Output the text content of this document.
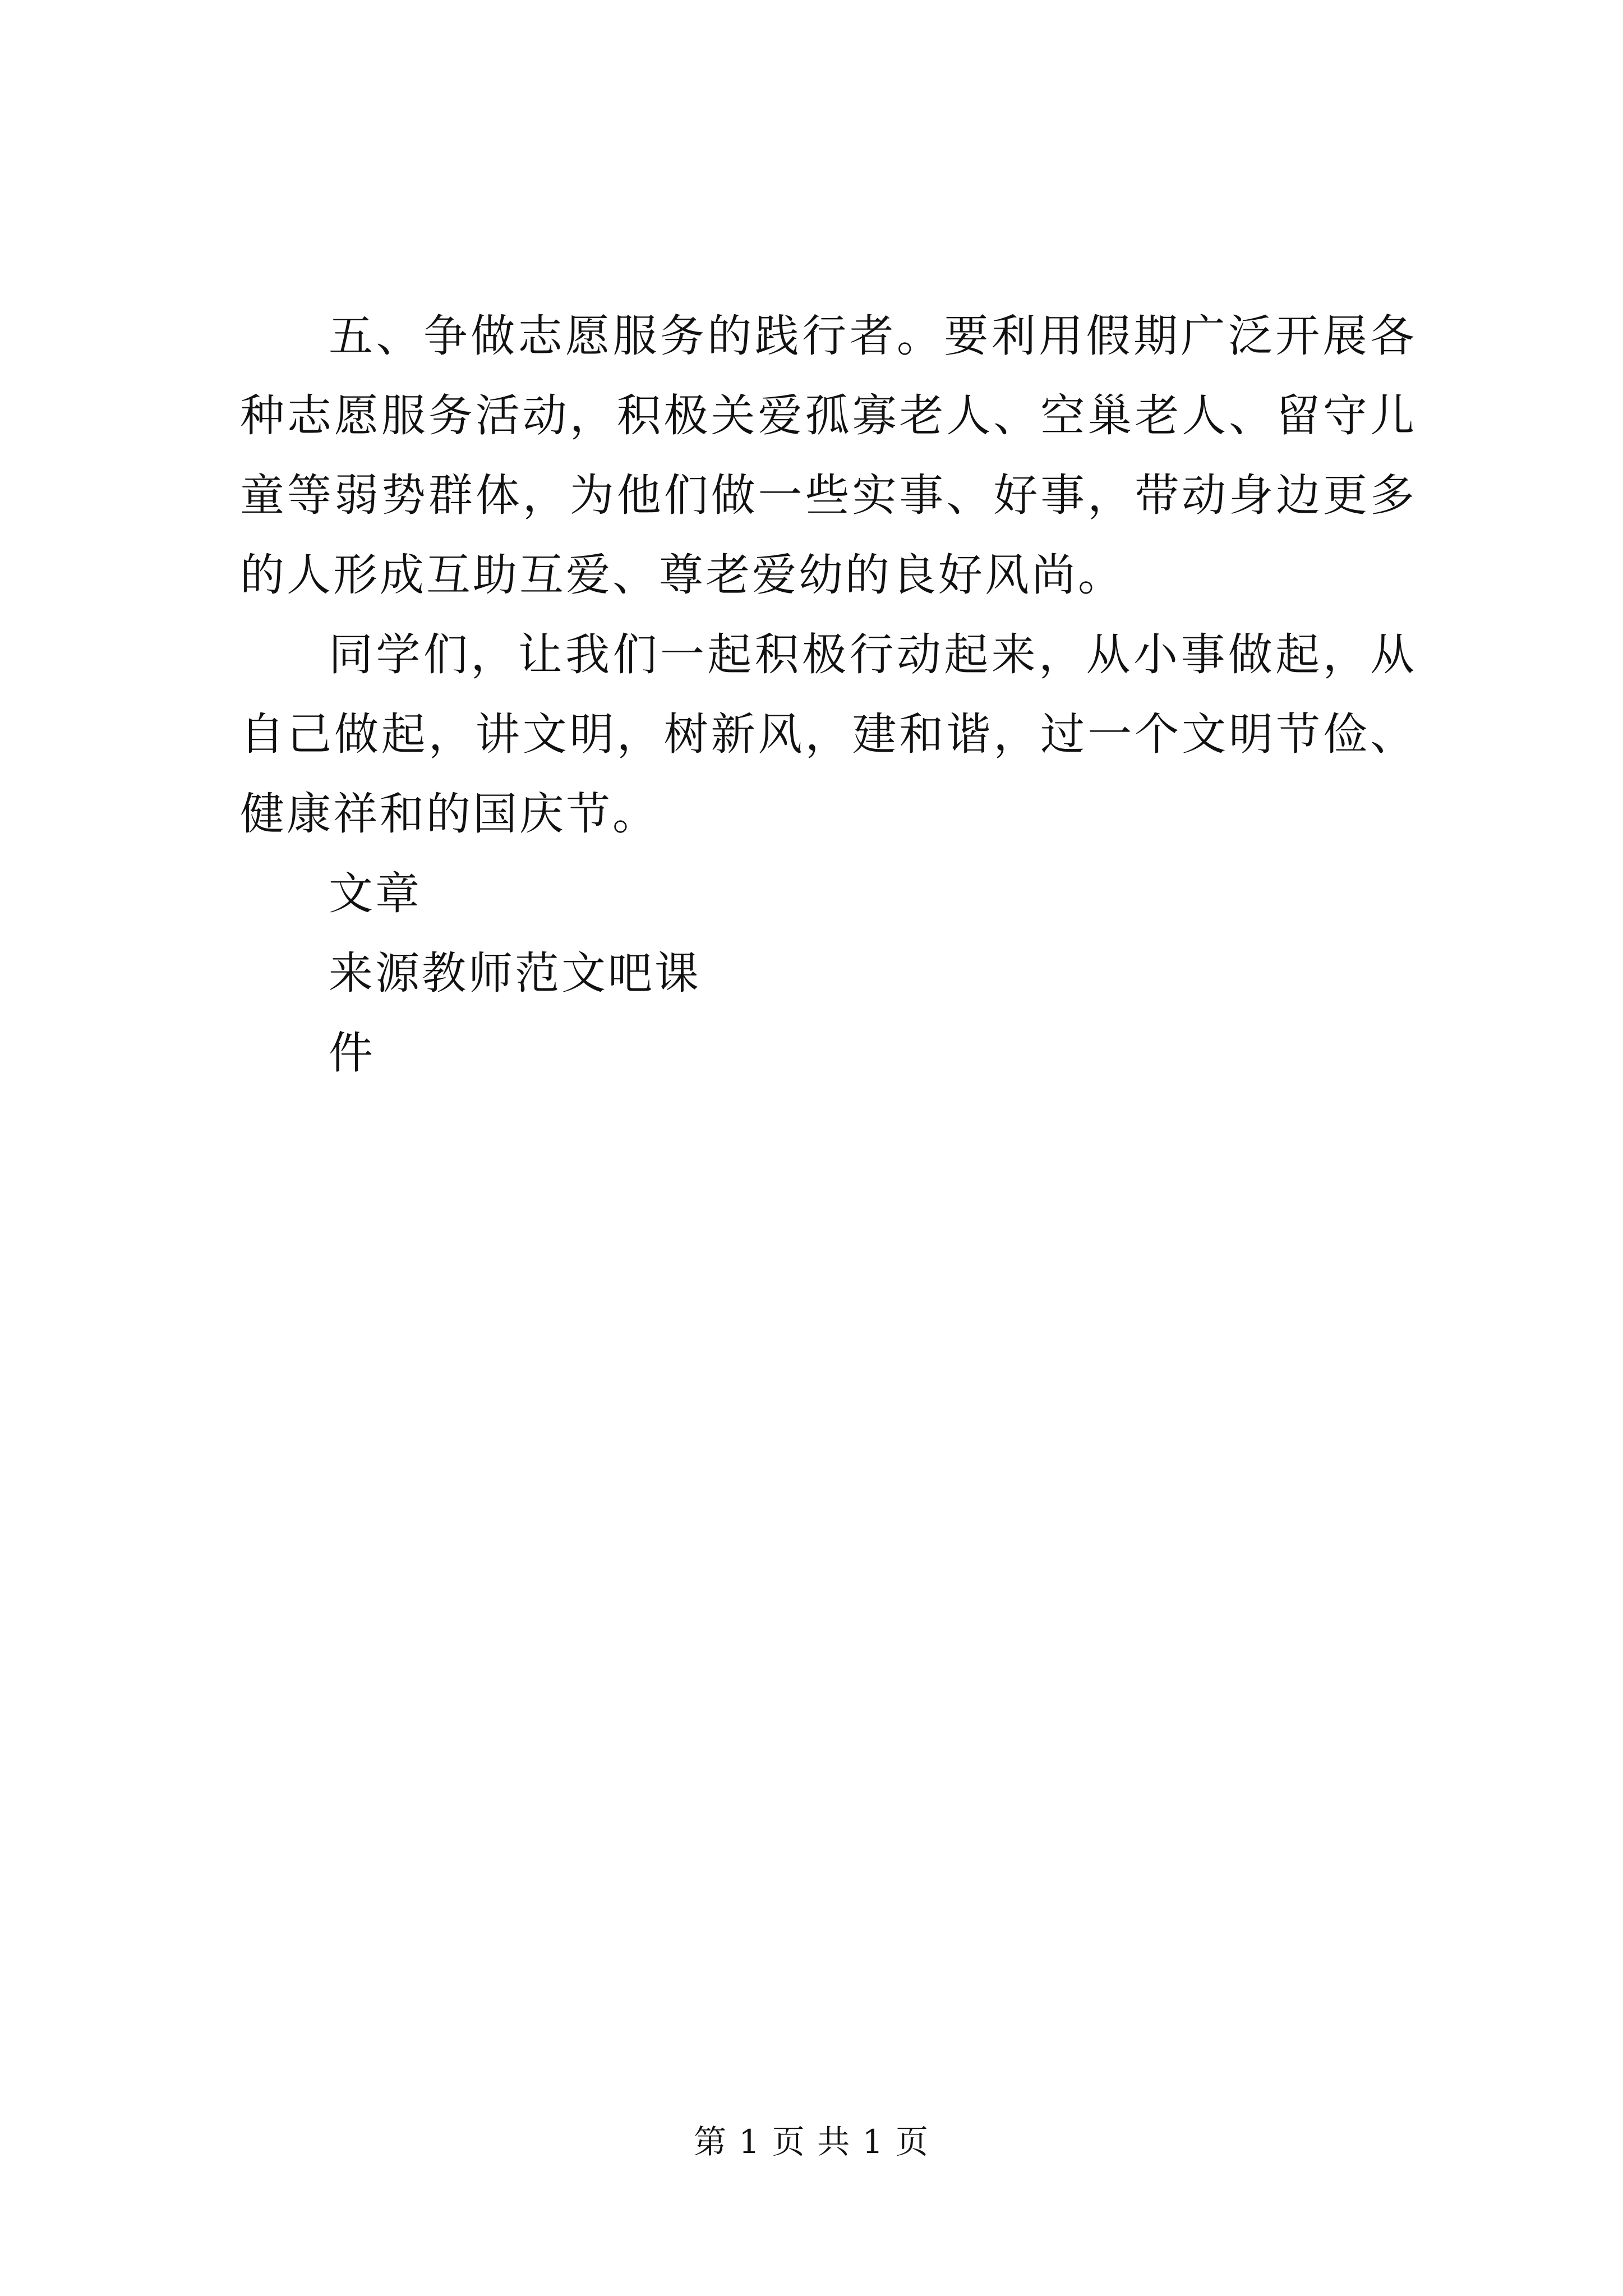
五、争做志愿服务的践行者。要利用假期广泛开展各种志愿服务活动，积极关爱孤寡老人、空巢老人、留守儿童等弱势群体，为他们做一些实事、好事，带动身边更多的人形成互助互爱、尊老爱幼的良好风尚。

同学们，让我们一起积极行动起来，从小事做起，从自己做起，讲文明，树新风，建和谐，过一个文明节俭、健康祥和的国庆节。

文章

来源教师范文吧课

件

第 1 页 共 1 页
